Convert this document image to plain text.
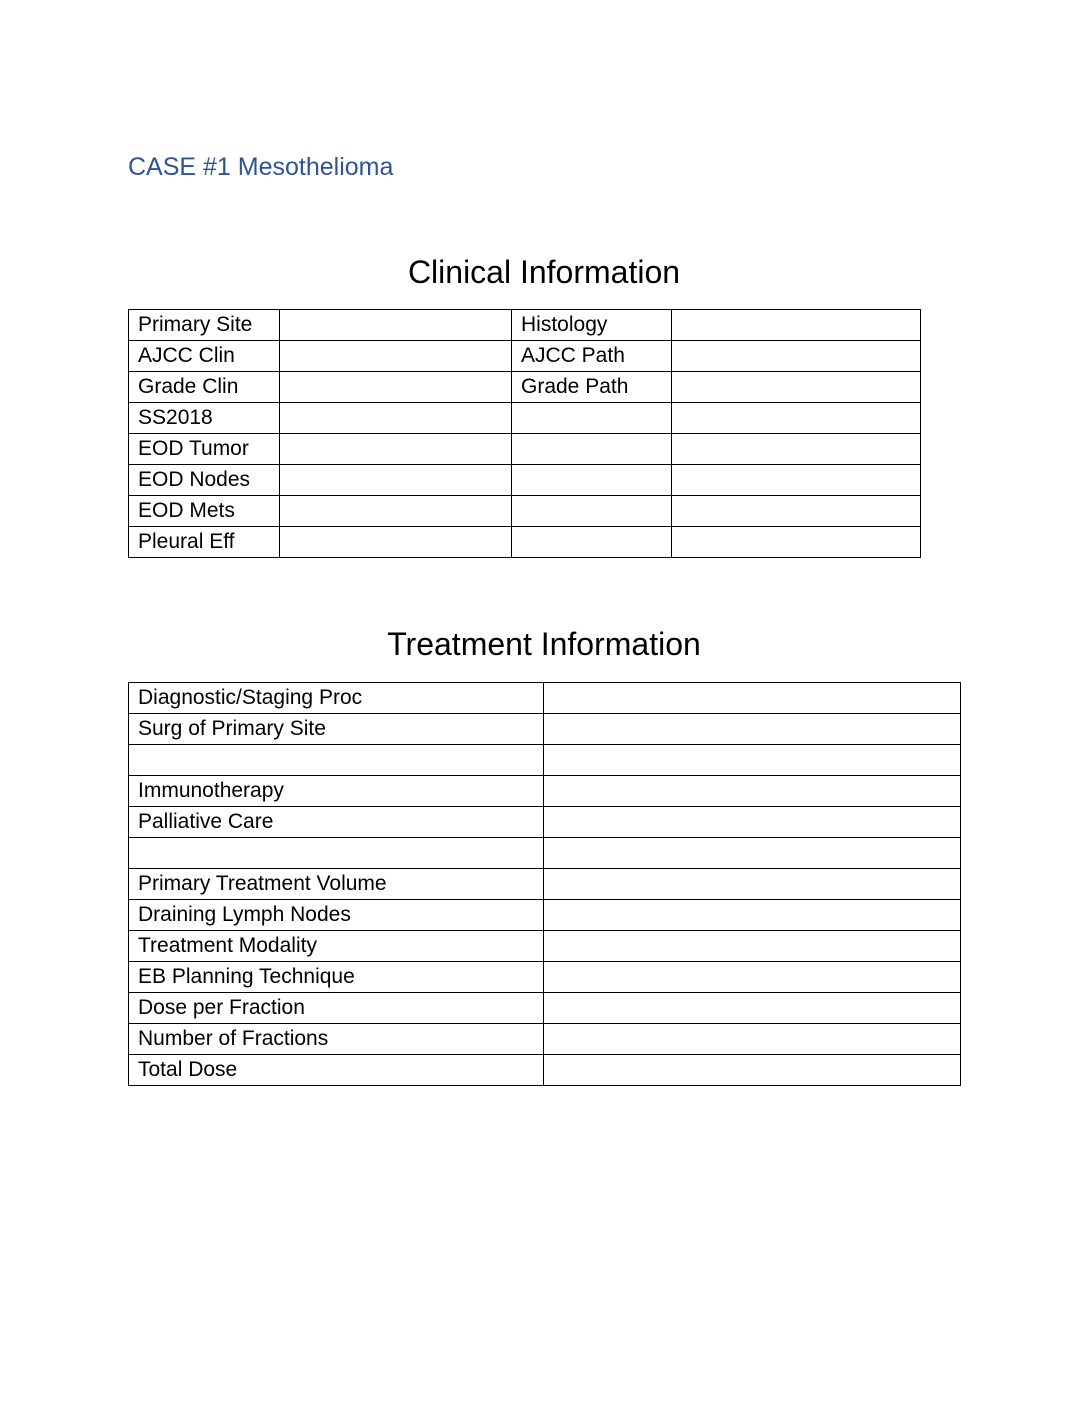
CASE #1 Mesothelioma
Clinical Information
Primary Site		Histology	
AJCC Clin		AJCC Path	
Grade Clin		Grade Path	
SS2018			
EOD Tumor			
EOD Nodes			
EOD Mets			
Pleural Eff			
Treatment Information
Diagnostic/Staging Proc	
Surg of Primary Site	

Immunotherapy	
Palliative Care	

Primary Treatment Volume	
Draining Lymph Nodes	
Treatment Modality	
EB Planning Technique	
Dose per Fraction	
Number of Fractions	
Total Dose	
